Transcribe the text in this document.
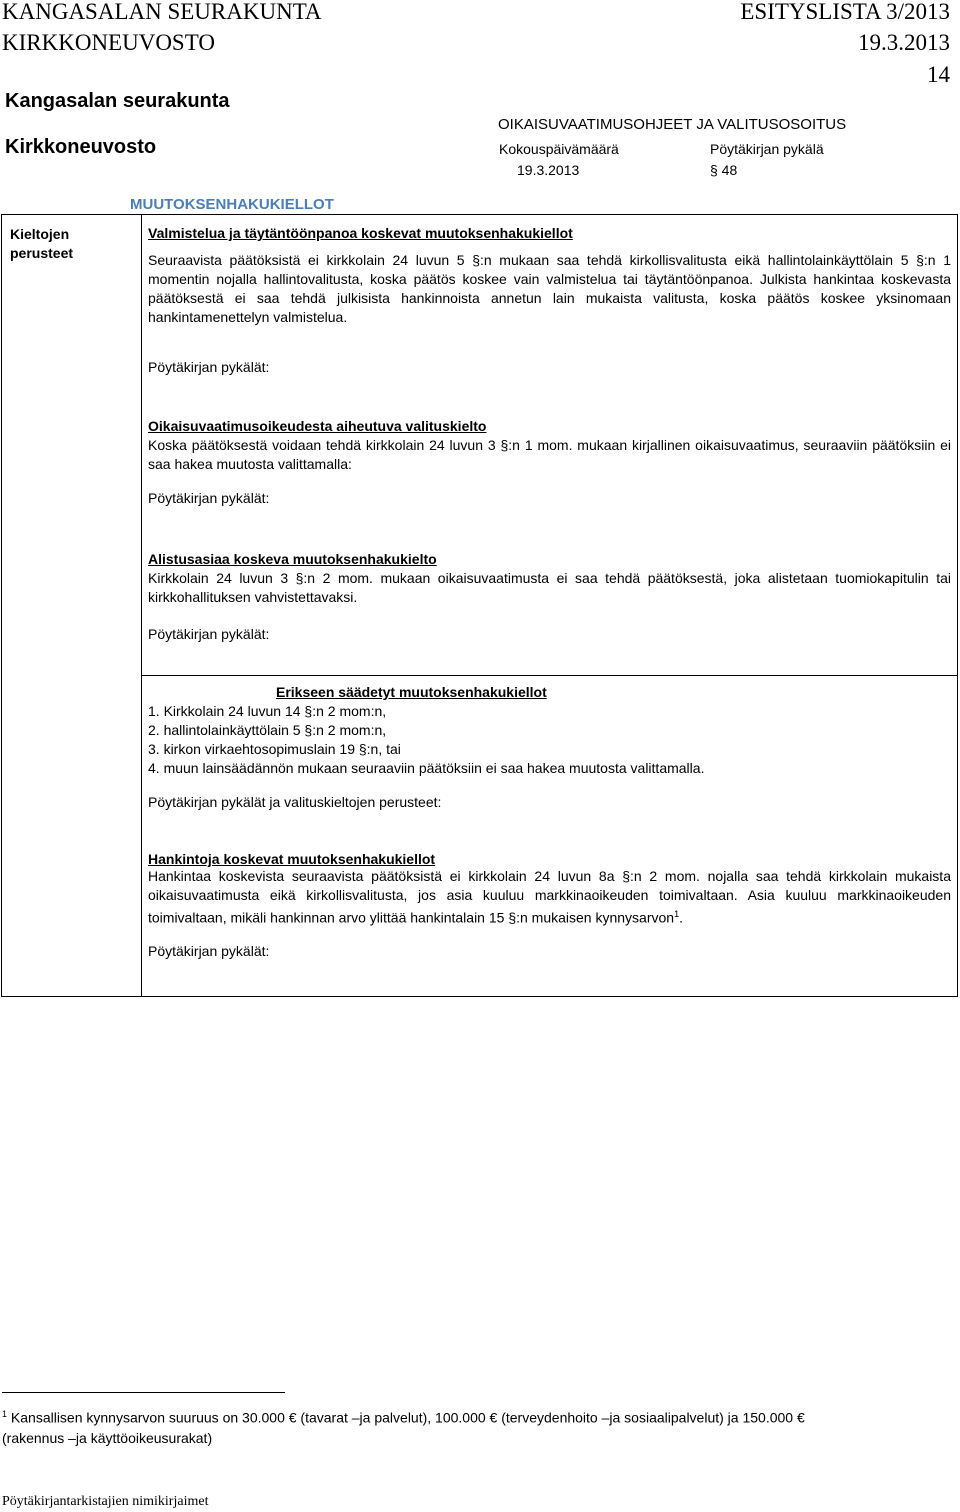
KANGASALAN SEURAKUNTA	ESITYSLISTA 3/2013
KIRKKONEUVOSTO	19.3.2013
14
Kangasalan seurakunta
OIKAISUVAATIMUSOHJEET JA VALITUSOSOITUS
Kirkkoneuvosto	Kokouspäivämäärä	Pöytäkirjan pykälä
19.3.2013	§ 48
MUUTOKSENHAKUKIELLOT
Kieltojen
perusteet
Valmistelua ja täytäntöönpanoa koskevat muutoksenhakukiellot
Seuraavista päätöksistä ei kirkkolain 24 luvun 5 §:n mukaan saa tehdä kirkollisvalitusta eikä hallintolainkäyttölain 5 §:n 1 momentin nojalla hallintovalitusta, koska päätös koskee vain valmistelua tai täytäntöönpanoa. Julkista hankintaa koskevasta päätöksestä ei saa tehdä julkisista hankinnoista annetun lain mukaista valitusta, koska päätös koskee yksinomaan hankintamenettelyn valmistelua.
Pöytäkirjan pykälät:
Oikaisuvaatimusoikeudesta aiheutuva valituskielto
Koska päätöksestä voidaan tehdä kirkkolain 24 luvun 3 §:n 1 mom. mukaan kirjallinen oikaisuvaatimus, seuraaviin päätöksiin ei saa hakea muutosta valittamalla:
Pöytäkirjan pykälät:
Alistusasiaa koskeva muutoksenhakukielto
Kirkkolain 24 luvun 3 §:n 2 mom. mukaan oikaisuvaatimusta ei saa tehdä päätöksestä, joka alistetaan tuomiokapitulin tai kirkkohallituksen vahvistettavaksi.
Pöytäkirjan pykälät:
Erikseen säädetyt muutoksenhakukiellot
1. Kirkkolain 24 luvun 14 §:n 2 mom:n,
2. hallintolainkäyttölain 5 §:n 2 mom:n,
3. kirkon virkaehtosopimuslain 19 §:n, tai
4. muun lainsäädännön mukaan seuraaviin päätöksiin ei saa hakea muutosta valittamalla.
Pöytäkirjan pykälät ja valituskieltojen perusteet:
Hankintoja koskevat muutoksenhakukiellot
Hankintaa koskevista seuraavista päätöksistä ei kirkkolain 24 luvun 8a §:n 2 mom. nojalla saa tehdä kirkkolain mukaista oikaisuvaatimusta eikä kirkollisvalitusta, jos asia kuuluu markkinaoikeuden toimivaltaan. Asia kuuluu markkinaoikeuden toimivaltaan, mikäli hankinnan arvo ylittää hankintalain 15 §:n mukaisen kynnysarvon$^1$.
Pöytäkirjan pykälät:
$^1$ Kansallisen kynnysarvon suuruus on 30.000 € (tavarat –ja palvelut), 100.000 € (terveydenhoito –ja sosiaalipalvelut) ja 150.000 €
(rakennus –ja käyttöoikeusurakat)
Pöytäkirjantarkistajien nimikirjaimet
